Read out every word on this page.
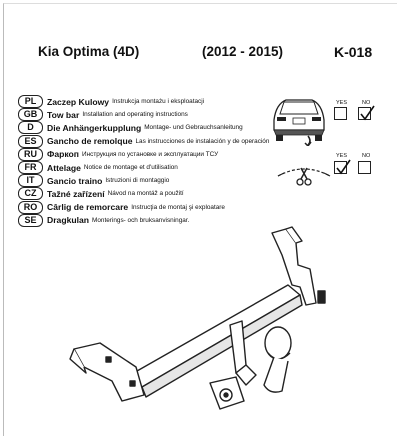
Kia Optima (4D)	(2012 - 2015)	K-018
PL	Zaczep Kulowy Instrukcja montażu i eksploatacji
GB	Tow bar Installation and operating instructions
D	Die Anhängerkupplung Montage- und Gebrauchsanleitung
ES	Gancho de remolque Las instrucciones de instalación y de operación
RU	Фаркоп Инструкция по установке и эксплуатации ТСУ
FR	Attelage Notice de montage et d'utilisation
IT	Gancio traino Istruzioni di montaggio
CZ	Tažné zařízení Návod na montáž a použití
RO	Cârlig de remorcare Instrucţia de montaj şi exploatare
SE	Dragkulan Monterings- och bruksanvisningar.
YES	NO
YES	NO
